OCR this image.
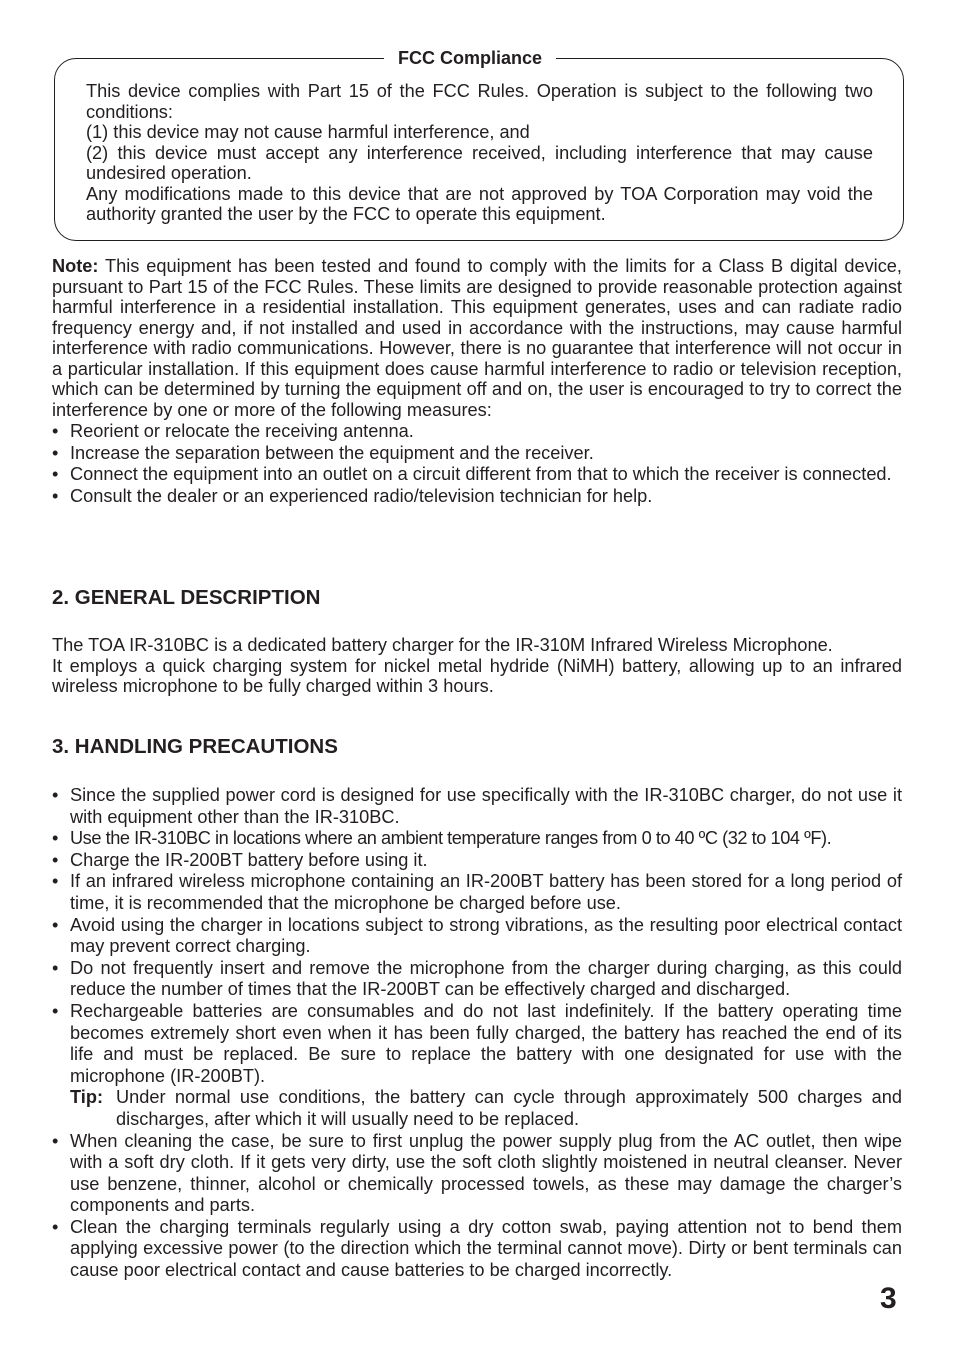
FCC Compliance

This device complies with Part 15 of the FCC Rules. Operation is subject to the following two conditions:

(1) this device may not cause harmful interference, and

(2) this device must accept any interference received, including interference that may cause undesired operation.

Any modifications made to this device that are not approved by TOA Corporation may void the authority granted the user by the FCC to operate this equipment.

Note: This equipment has been tested and found to comply with the limits for a Class B digital device, pursuant to Part 15 of the FCC Rules. These limits are designed to provide reasonable protection against harmful interference in a residential installation. This equipment generates, uses and can radiate radio frequency energy and, if not installed and used in accordance with the instructions, may cause harmful interference with radio communications. However, there is no guarantee that interference will not occur in a particular installation. If this equipment does cause harmful interference to radio or television reception, which can be determined by turning the equipment off and on, the user is encouraged to try to correct the interference by one or more of the following measures:

• Reorient or relocate the receiving antenna.
• Increase the separation between the equipment and the receiver.
• Connect the equipment into an outlet on a circuit different from that to which the receiver is connected.
• Consult the dealer or an experienced radio/television technician for help.
2. GENERAL DESCRIPTION

The TOA IR-310BC is a dedicated battery charger for the IR-310M Infrared Wireless Microphone.

It employs a quick charging system for nickel metal hydride (NiMH) battery, allowing up to an infrared wireless microphone to be fully charged within 3 hours.

3. HANDLING PRECAUTIONS
• Since the supplied power cord is designed for use specifically with the IR-310BC charger, do not use it with equipment other than the IR-310BC.
• Use the IR-310BC in locations where an ambient temperature ranges from 0 to 40 ºC (32 to 104 ºF).
• Charge the IR-200BT battery before using it.
• If an infrared wireless microphone containing an IR-200BT battery has been stored for a long period of time, it is recommended that the microphone be charged before use.
• Avoid using the charger in locations subject to strong vibrations, as the resulting poor electrical contact may prevent correct charging.
• Do not frequently insert and remove the microphone from the charger during charging, as this could reduce the number of times that the IR-200BT can be effectively charged and discharged.
• Rechargeable batteries are consumables and do not last indefinitely. If the battery operating time becomes extremely short even when it has been fully charged, the battery has reached the end of its life and must be replaced. Be sure to replace the battery with one designated for use with the microphone (IR-200BT).
Tip: Under normal use conditions, the battery can cycle through approximately 500 charges and discharges, after which it will usually need to be replaced.
• When cleaning the case, be sure to first unplug the power supply plug from the AC outlet, then wipe with a soft dry cloth. If it gets very dirty, use the soft cloth slightly moistened in neutral cleanser. Never use benzene, thinner, alcohol or chemically processed towels, as these may damage the charger’s components and parts.
• Clean the charging terminals regularly using a dry cotton swab, paying attention not to bend them applying excessive power (to the direction which the terminal cannot move). Dirty or bent terminals can cause poor electrical contact and cause batteries to be charged incorrectly.
3
